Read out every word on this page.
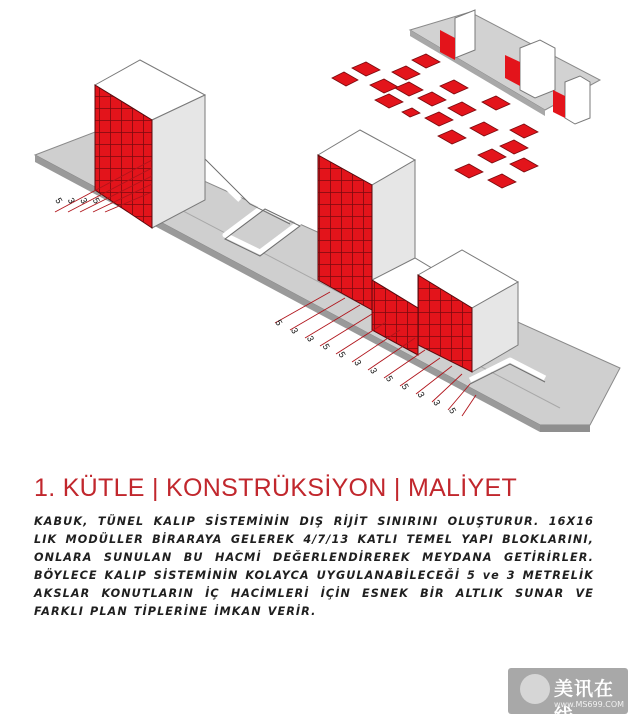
5 3 3 5
5
3
3
5
5
3
3
5
5
3
3
5
1. KÜTLE | KONSTRÜKSİYON | MALİYET

KABUK, TÜNEL KALIP SİSTEMİNİN DIŞ RİJİT SINIRINI OLUŞTURUR. 16X16 LIK MODÜLLER BİRARAYA GELEREK 4/7/13 KATLI TEMEL YAPI BLOKLARINI, ONLARA SUNULAN BU HACMİ DEĞERLENDİREREK MEYDANA GETİRİRLER. BÖYLECE KALIP SİSTEMİNİN KOLAYCA UYGULANABİLECEĞİ 5 ve 3 METRELİK AKSLAR KONUTLARIN İÇ HACİMLERİ İÇİN ESNEK BİR ALTLIK SUNAR VE FARKLI PLAN TİPLERİNE İMKAN VERİR.

美讯在线
www.MS699.COM
